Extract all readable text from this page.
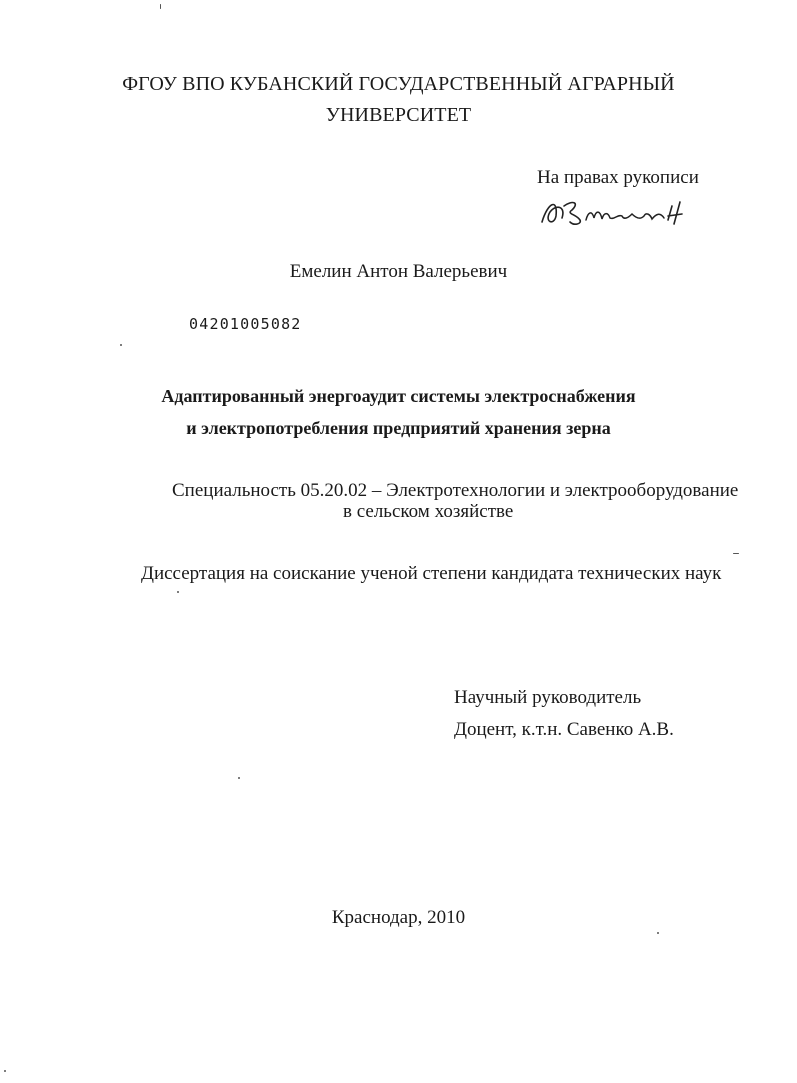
ФГОУ ВПО КУБАНСКИЙ ГОСУДАРСТВЕННЫЙ АГРАРНЫЙ
УНИВЕРСИТЕТ
На правах рукописи
Емелин Антон Валерьевич
04201005082
Адаптированный энергоаудит системы электроснабжения
и электропотребления предприятий хранения зерна
Специальность 05.20.02 – Электротехнологии и электрооборудование
в сельском хозяйстве
Диссертация на соискание ученой степени кандидата технических наук
Научный руководитель
Доцент, к.т.н. Савенко А.В.
Краснодар, 2010
